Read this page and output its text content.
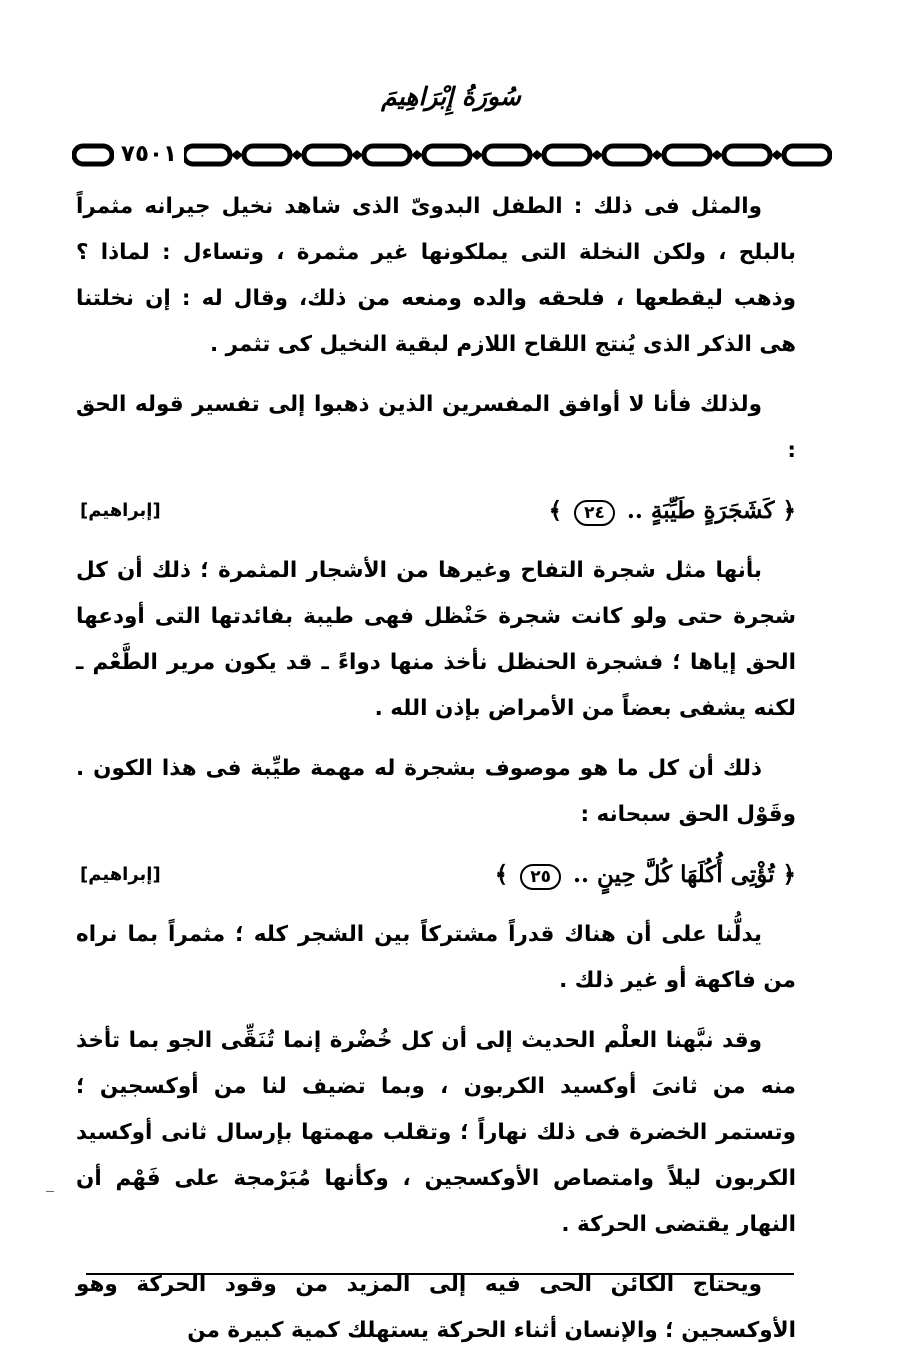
سُورَةُ إِبْرَاهِيمَ
٧٥٠١

والمثل فى ذلك : الطفل البدوىّ الذى شاهد نخيل جيرانه مثمراً بالبلح ، ولكن النخلة التى يملكونها غير مثمرة ، وتساءل : لماذا ؟ وذهب ليقطعها ، فلحقه والده ومنعه من ذلك، وقال له : إن نخلتنا هى الذكر الذى يُنتج اللقاح اللازم لبقية النخيل كى تثمر .

ولذلك فأنا لا أوافق المفسرين الذين ذهبوا إلى تفسير قوله الحق :

﴿ كَشَجَرَةٍ طَيِّبَةٍ .. ٢٤ ﴾
[إبراهيم]

بأنها مثل شجرة التفاح وغيرها من الأشجار المثمرة ؛ ذلك أن كل شجرة حتى ولو كانت شجرة حَنْظل فهى طيبة بفائدتها التى أودعها الحق إياها ؛ فشجرة الحنظل نأخذ منها دواءً ـ قد يكون مرير الطَّعْم ـ لكنه يشفى بعضاً من الأمراض بإذن الله .

ذلك أن كل ما هو موصوف بشجرة له مهمة طيِّبة فى هذا الكون . وقَوْل الحق سبحانه :

﴿ تُؤْتِى أُكُلَهَا كُلَّ حِينٍ .. ٢٥ ﴾
[إبراهيم]

يدلُّنا على أن هناك قدراً مشتركاً بين الشجر كله ؛ مثمراً بما نراه من فاكهة أو غير ذلك .

وقد نبَّهنا العلْم الحديث إلى أن كل خُضْرة إنما تُنَقِّى الجو بما تأخذ منه من ثانىَ أوكسيد الكربون ، وبما تضيف لنا من أوكسجين ؛ وتستمر الخضرة فى ذلك نهاراً ؛ وتقلب مهمتها بإرسال ثانى أوكسيد الكربون ليلاً وامتصاص الأوكسجين ، وكأنها مُبَرْمجة على فَهْم أن النهار يقتضى الحركة .

ويحتاج الكائن الحى فيه إلى المزيد من وقود الحركة وهو الأوكسجين ؛ والإنسان أثناء الحركة يستهلك كمية كبيرة من
